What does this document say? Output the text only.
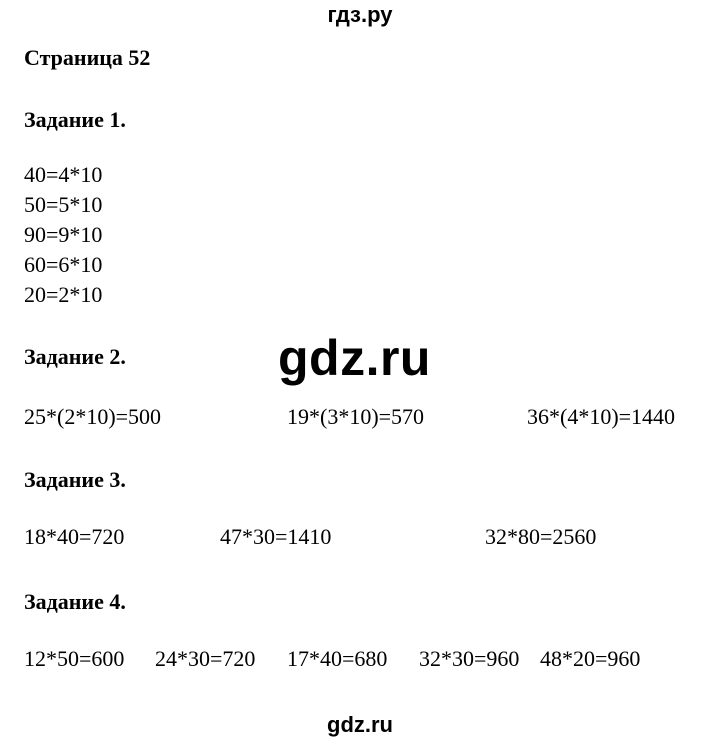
гдз.ру
Страница 52
Задание 1.
40=4*10
50=5*10
90=9*10
60=6*10
20=2*10
Задание 2.	gdz.ru
25*(2*10)=500	19*(3*10)=570	36*(4*10)=1440
Задание 3.
18*40=720	47*30=1410	32*80=2560
Задание 4.
12*50=600 24*30=720 17*40=680 32*30=960 48*20=960
gdz.ru
